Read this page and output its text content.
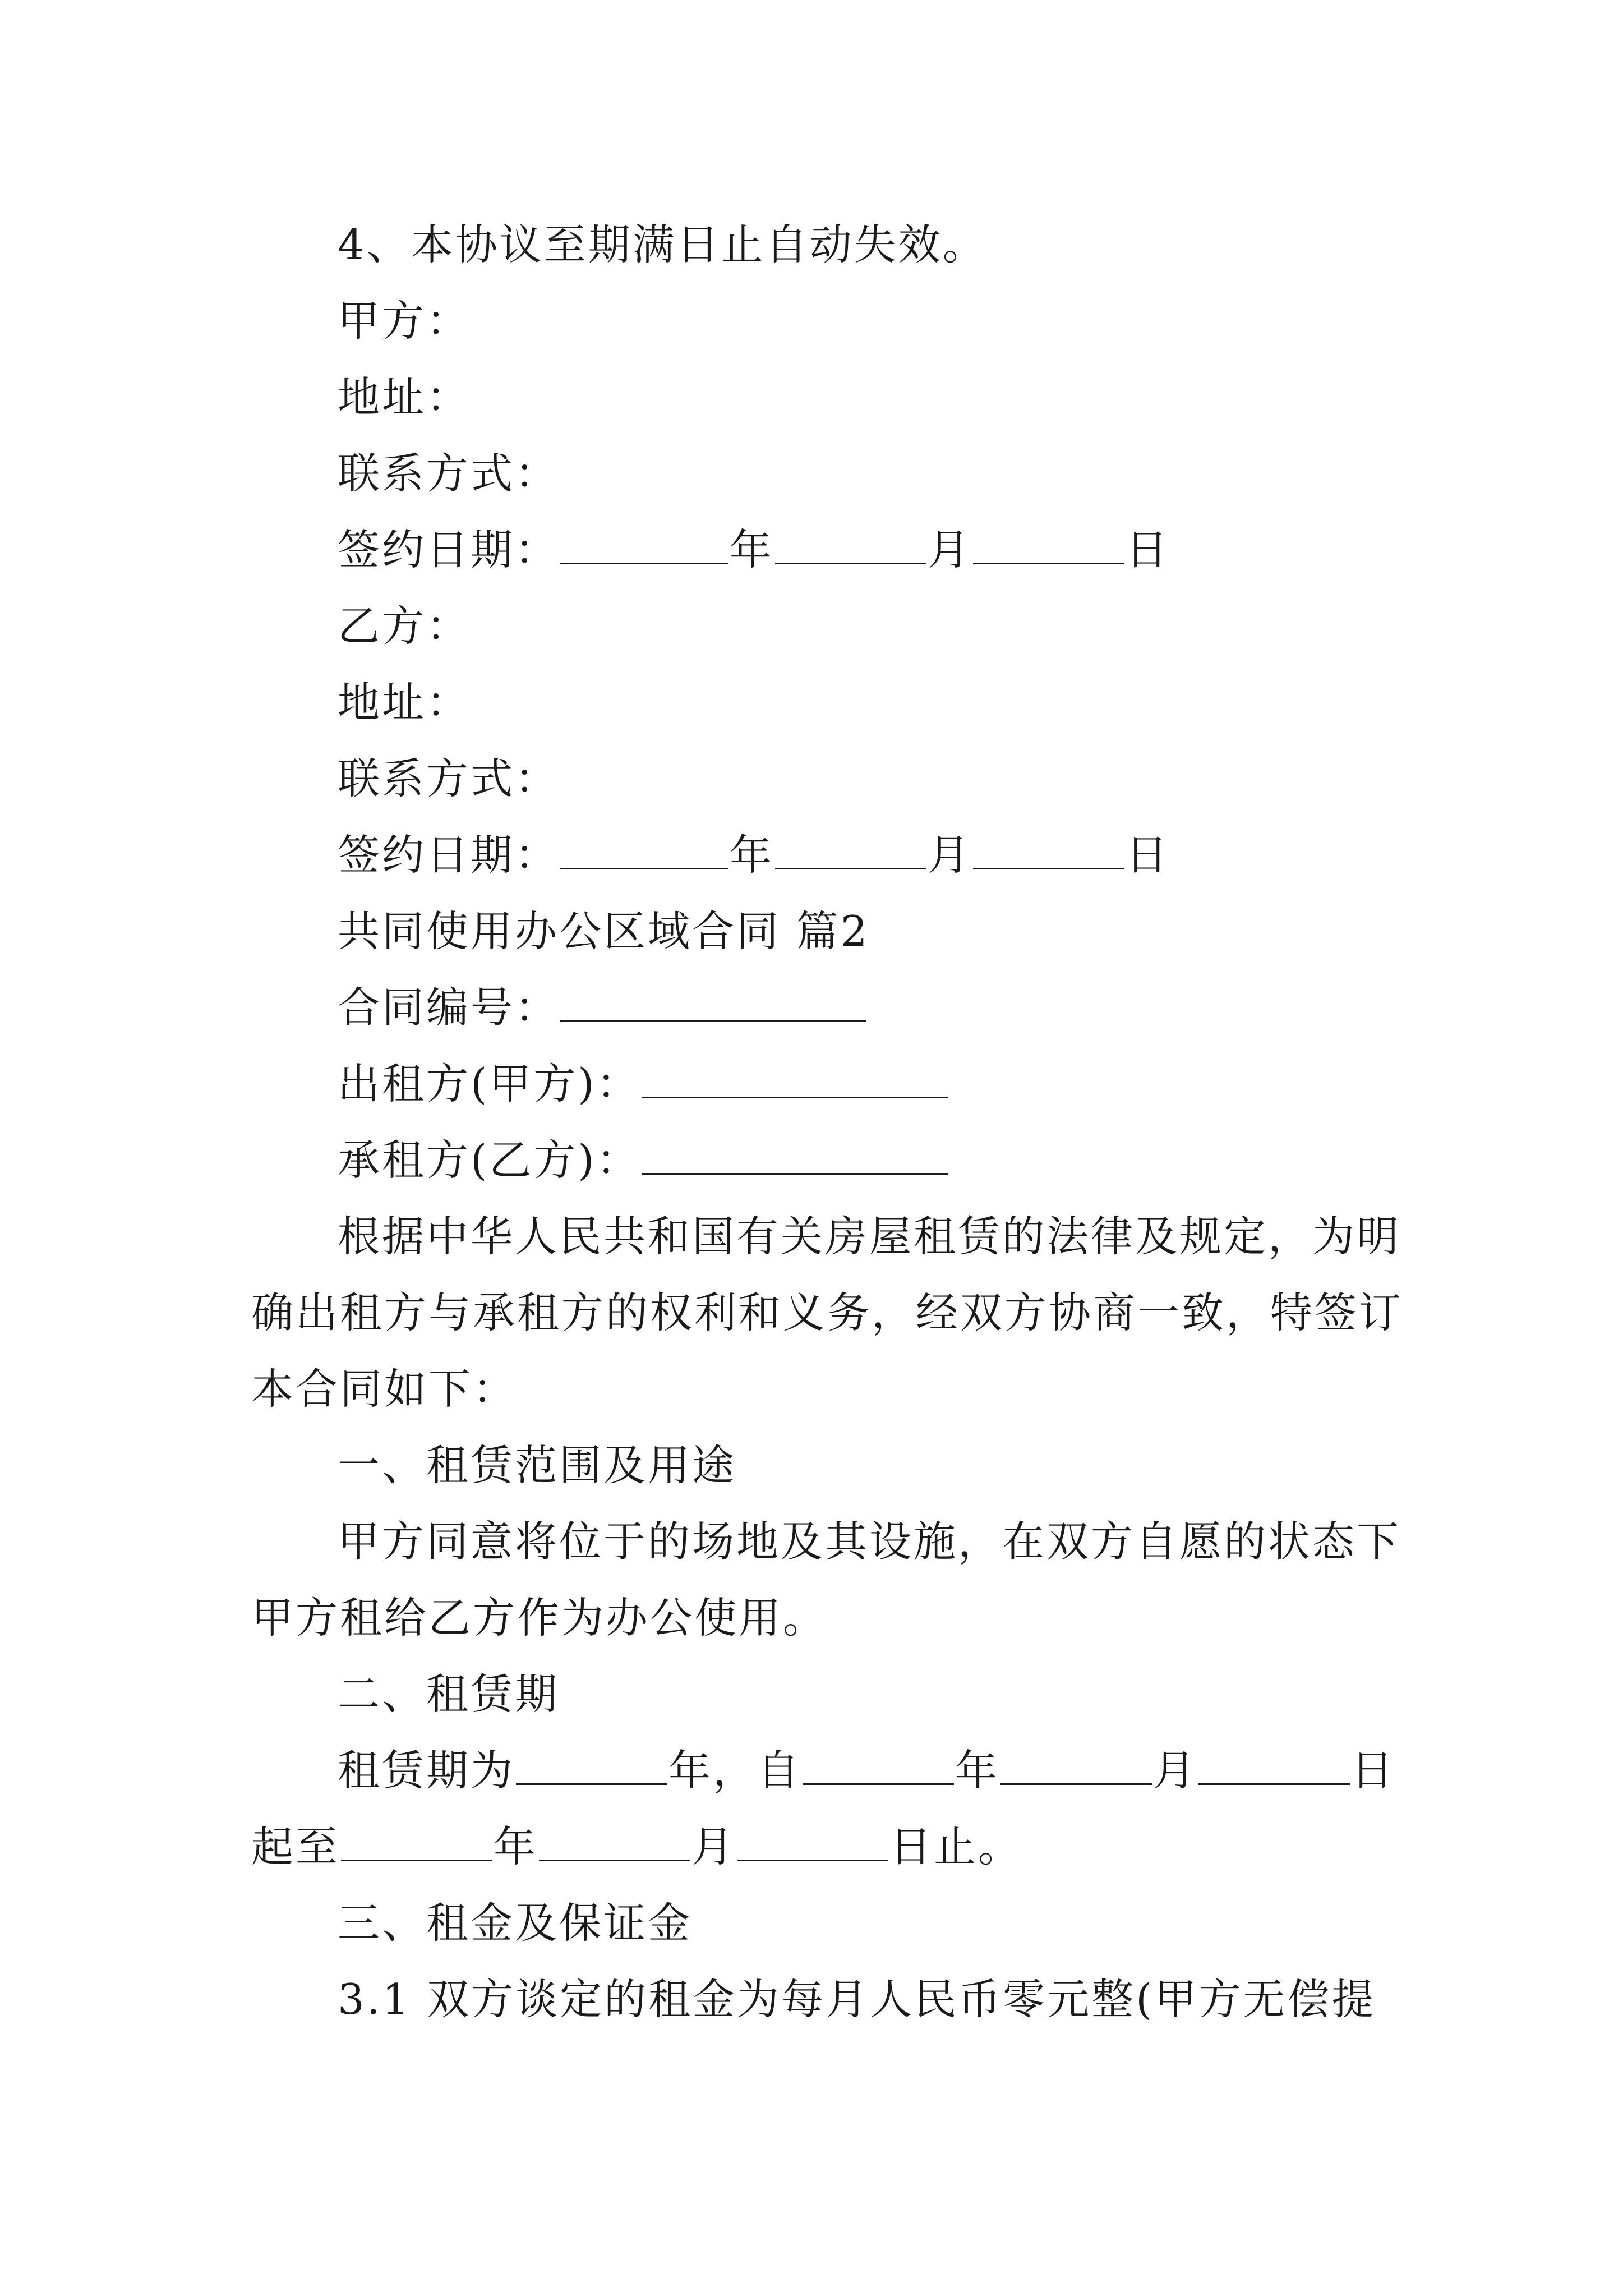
4、本协议至期满日止自动失效。
甲方：
地址：
联系方式：
签约日期：	年	月	日
乙方：
地址：
联系方式：
签约日期：	年	月	日
共同使用办公区域合同 篇2
合同编号：
出租方(甲方)：
承租方(乙方)：
根据中华人民共和国有关房屋租赁的法律及规定，为明
确出租方与承租方的权利和义务，经双方协商一致，特签订
本合同如下：
一、租赁范围及用途
甲方同意将位于的场地及其设施，在双方自愿的状态下
甲方租给乙方作为办公使用。
二、租赁期
租赁期为	年，自	年	月	日
起至	年	月	日止。
三、租金及保证金
3.1 双方谈定的租金为每月人民币零元整(甲方无偿提
